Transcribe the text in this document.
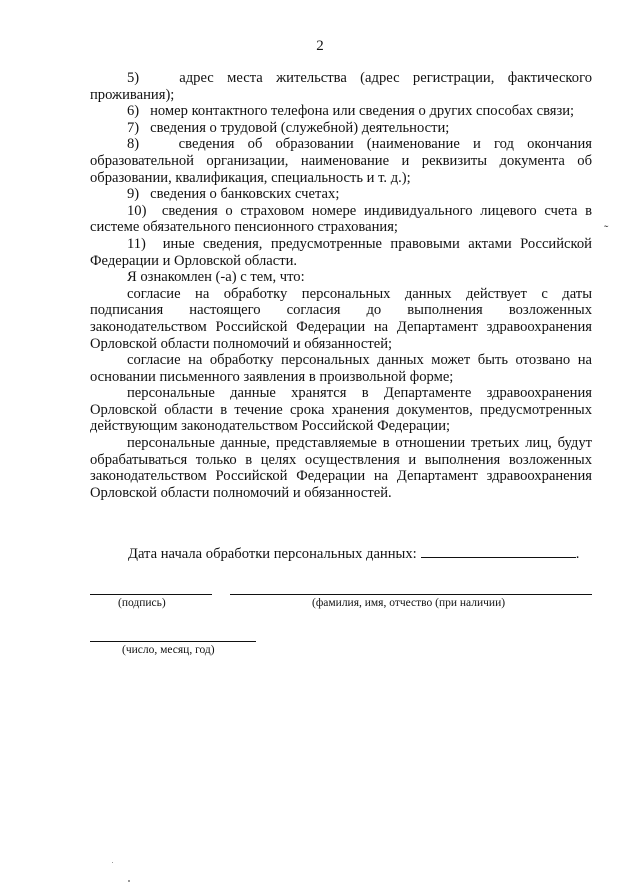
2

5)   адрес места жительства (адрес регистрации, фактического проживания);

6)   номер контактного телефона или сведения о других способах связи;

7)   сведения о трудовой (служебной) деятельности;

8)   сведения об образовании (наименование и год окончания образовательной организации, наименование и реквизиты документа об образовании, квалификация, специальность и т. д.);

9)   сведения о банковских счетах;

10)  сведения о страховом номере индивидуального лицевого счета в системе обязательного пенсионного страхования;

11)  иные сведения, предусмотренные правовыми актами Российской Федерации и Орловской области.

Я ознакомлен (-а) с тем, что:

согласие на обработку персональных данных действует с даты подписания настоящего согласия до выполнения возложенных законодательством Российской Федерации на Департамент здравоохранения Орловской области полномочий и обязанностей;

согласие на обработку персональных данных может быть отозвано на основании письменного заявления в произвольной форме;

персональные данные хранятся в Департаменте здравоохранения Орловской области в течение срока хранения документов, предусмотренных действующим законодательством Российской Федерации;

персональные данные, представляемые в отношении третьих лиц, будут обрабатываться только в целях осуществления и выполнения возложенных законодательством Российской Федерации на Департамент здравоохранения Орловской области полномочий и обязанностей.

˜
Дата начала обработки персональных данных:	.
(подпись)	(фамилия, имя, отчество (при наличии)
(число, месяц, год)
